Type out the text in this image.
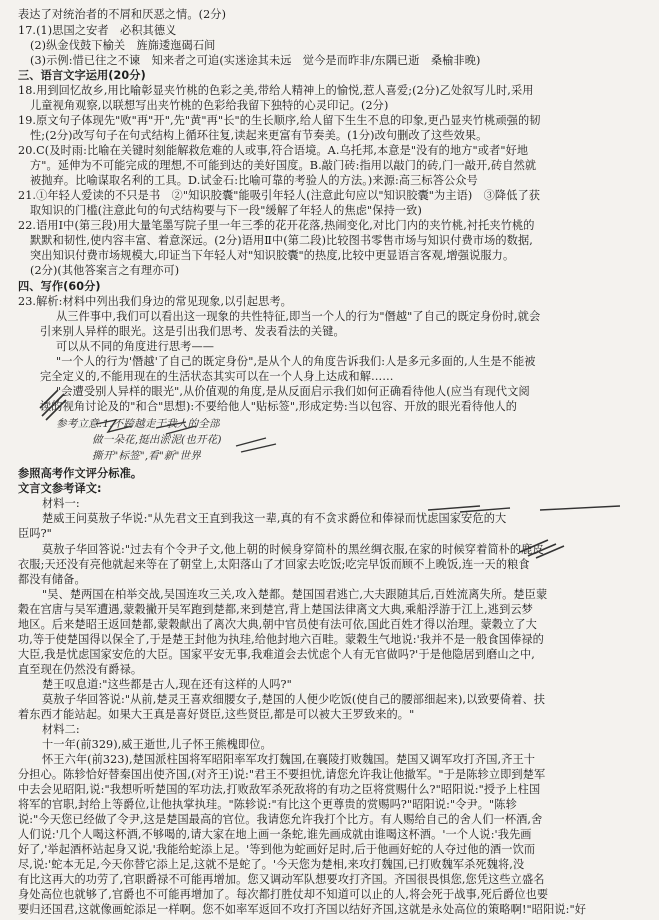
表达了对统治者的不屑和厌恶之情。(2分)
17.(1)思国之安者　必积其德义
(2)纵金伐鼓下榆关　旌旆逶迤碣石间
(3)示例:惜已往之不谏　知来者之可追(实迷途其未远　觉今是而昨非/东隅已逝　桑榆非晚)
三、语言文字运用(20分)
18.用到回忆故乡,用比喻彰显夹竹桃的色彩之美,带给人精神上的愉悦,惹人喜爱;(2分)乙处叙写儿时,采用
儿童视角观察,以联想写出夹竹桃的色彩给我留下独特的心灵印记。(2分)
19.原文句子体现先"败"再"开",先"黄"再"长"的生长顺序,给人留下生生不息的印象,更凸显夹竹桃顽强的韧
性;(2分)改写句子在句式结构上循环往复,读起来更富有节奏美。(1分)改句删改了这些效果。
20.C(及时雨:比喻在关键时刻能解救危难的人或事,符合语境。A.乌托邦,本意是"没有的地方"或者"好地
方"。延伸为不可能完成的理想,不可能到达的美好国度。B.敲门砖:指用以敲门的砖,门一敲开,砖自然就
被抛弃。比喻谋取名利的工具。D.试金石:比喻可靠的考验人的方法。)来源:高三标答公众号
21.①年轻人爱读的不只是书　②"知识胶囊"能吸引年轻人(注意此句应以"知识胶囊"为主语)　③降低了获
取知识的门槛(注意此句的句式结构要与下一段"缓解了年轻人的焦虑"保持一致)
22.语用Ⅰ中(第三段)用大量笔墨写院子里一年三季的花开花落,热闹变化,对比门内的夹竹桃,衬托夹竹桃的
默默和韧性,使内容丰富、着意深远。(2分)语用Ⅱ中(第二段)比较图书零售市场与知识付费市场的数据,
突出知识付费市场规模大,印证当下年轻人对"知识胶囊"的热度,比较中更显语言客观,增强说服力。
(2分)(其他答案言之有理亦可)
四、写作(60分)
23.解析:材料中列出我们身边的常见现象,以引起思考。
从三件事中,我们可以看出这一现象的共性特征,即当一个人的行为"僭越"了自己的既定身份时,就会
引来别人异样的眼光。这是引出我们思考、发表看法的关键。
可以从不同的角度进行思考——
"一个人的行为'僭越'了自己的既定身份",是从个人的角度告诉我们:人是多元多面的,人生是不能被
完全定义的,不能用现在的生活状态其实可以在一个人身上达成和解……
"会遭受别人异样的眼光",从价值观的角度,是从反面启示我们如何正确看待他人(应当有现代文阅
读的视角讨论及的"和合"思想):不要给他人"贴标签",形成定势:当以包容、开放的眼光看待他人的
参考立意:1.不跨越走于我人的全部
做一朵花,挺出淤泥(也开花)
撕开"标签",看"新"世界
参照高考作文评分标准。
文言文参考译文:
材料一:
楚威王问莫敖子华说:"从先君文王直到我这一辈,真的有不贪求爵位和俸禄而忧虑国家安危的大
臣吗?"
莫敖子华回答说:"过去有个令尹子文,他上朝的时候身穿简朴的黑丝绸衣服,在家的时候穿着简朴的鹿皮
衣服;天还没有亮他就起来等在了朝堂上,太阳落山了才回家去吃饭;吃完早饭而顾不上晚饭,连一天的粮食
都没有储备。
"吴、楚两国在柏举交战,吴国连攻三关,攻入楚都。楚国国君逃亡,大夫跟随其后,百姓流离失所。楚臣蒙
穀在宫唐与吴军遭遇,蒙穀撇开吴军跑到楚都,来到楚宫,背上楚国法律离文大典,乘船浮游于江上,逃到云梦
地区。后来楚昭王返回楚都,蒙穀献出了离次大典,朝中官员使有法可依,国此百姓才得以治理。蒙穀立了大
功,等于使楚国得以保全了,于是楚王封他为执珪,给他封地六百畦。蒙穀生气地说:'我并不是一般食国俸禄的
大臣,我是忧虑国家安危的大臣。国家平安无事,我难道会去忧虑个人有无官做吗?'于是他隐居到磨山之中,
直至现在仍然没有爵禄。
楚王叹息道:"这些都是古人,现在还有这样的人吗?"
莫敖子华回答说:"从前,楚灵王喜欢细腰女子,楚国的人便少吃饭(使自己的腰部细起来),以致要倚着、扶
着东西才能站起。如果大王真是喜好贤臣,这些贤臣,都是可以被大王罗致来的。"
材料二:
十一年(前329),威王逝世,儿子怀王熊槐即位。
怀王六年(前323),楚国派柱国将军昭阳率军攻打魏国,在襄陵打败魏国。楚国又调军攻打齐国,齐王十
分担心。陈轸恰好替秦国出使齐国,(对齐王)说:"君王不要担忧,请您允许我让他撤军。"于是陈轸立即到楚军
中去会见昭阳,说:"我想听听楚国的军功法,打败敌军杀死敌将的有功之臣将赏赐什么?"昭阳说:"授予上柱国
将军的官职,封给上等爵位,让他执掌执珪。"陈轸说:"有比这个更尊贵的赏赐吗?"昭阳说:"令尹。"陈轸
说:"今天您已经做了令尹,这是楚国最高的官位。我请您允许我打个比方。有人赐给自己的舍人们一杯酒,舍
人们说:'几个人喝这杯酒,不够喝的,请大家在地上画一条蛇,谁先画成就由谁喝这杯酒。'一个人说:'我先画
好了,'举起酒杯站起身又说,'我能给蛇添上足。'等到他为蛇画好足时,后于他画好蛇的人夺过他的酒一饮而
尽,说:'蛇本无足,今天你替它添上足,这就不是蛇了。'今天您为楚相,来攻打魏国,已打败魏军杀死魏将,没
有比这再大的功劳了,官职爵禄不可能再增加。您又调动军队想要攻打齐国。齐国很畏惧您,您凭这些立盛名
身处高位也就够了,官爵也不可能再增加了。每次都打胜仗却不知道可以止的人,将会死于战事,死后爵位也要
要归还国君,这就像画蛇添足一样啊。您不如率军返回不攻打齐国以结好齐国,这就是永处高位的策略啊!"昭阳说:"好
